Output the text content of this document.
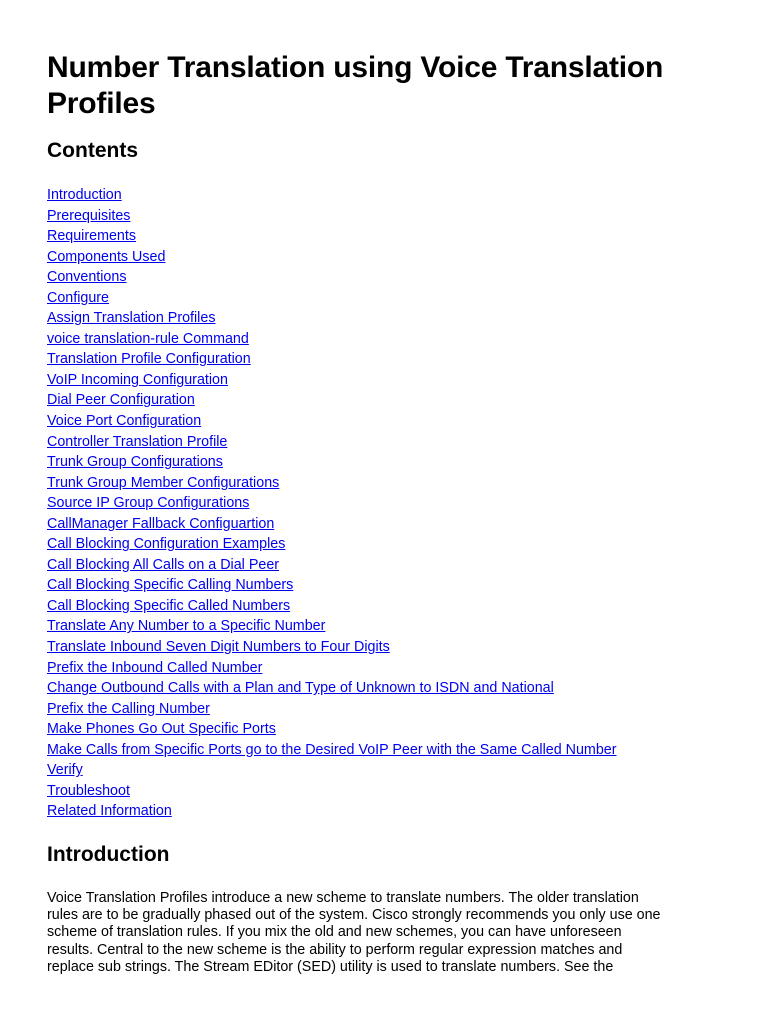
Number Translation using Voice Translation Profiles
Contents
Introduction
Prerequisites
Requirements
Components Used
Conventions
Configure
Assign Translation Profiles
voice translation-rule Command
Translation Profile Configuration
VoIP Incoming Configuration
Dial Peer Configuration
Voice Port Configuration
Controller Translation Profile
Trunk Group Configurations
Trunk Group Member Configurations
Source IP Group Configurations
CallManager Fallback Configuartion
Call Blocking Configuration Examples
Call Blocking All Calls on a Dial Peer
Call Blocking Specific Calling Numbers
Call Blocking Specific Called Numbers
Translate Any Number to a Specific Number
Translate Inbound Seven Digit Numbers to Four Digits
Prefix the Inbound Called Number
Change Outbound Calls with a Plan and Type of Unknown to ISDN and National
Prefix the Calling Number
Make Phones Go Out Specific Ports
Make Calls from Specific Ports go to the Desired VoIP Peer with the Same Called Number
Verify
Troubleshoot
Related Information
Introduction

Voice Translation Profiles introduce a new scheme to translate numbers. The older translation
rules are to be gradually phased out of the system. Cisco strongly recommends you only use one
scheme of translation rules. If you mix the old and new schemes, you can have unforeseen
results. Central to the new scheme is the ability to perform regular expression matches and
replace sub strings. The Stream EDitor (SED) utility is used to translate numbers. See the
